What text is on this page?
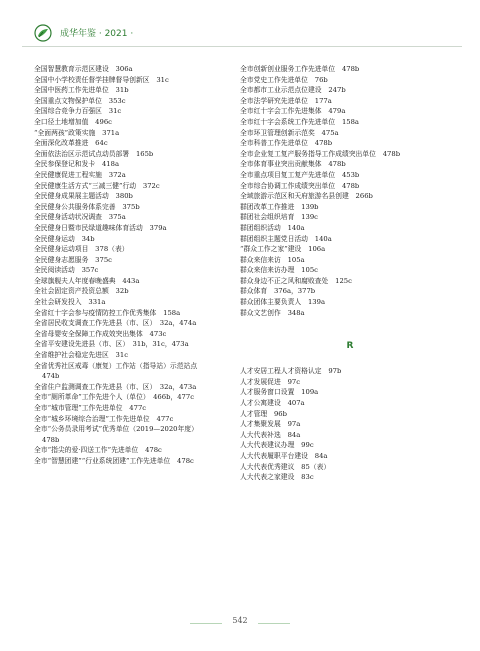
成华年鉴 · 2021 ·

全国智慧教育示范区建设　306a

全国中小学校责任督学挂牌督导创新区　31c

全国中医药工作先进单位　31b

全国重点文物保护单位　353c

全国综合竞争力百强区　31c

全口径土地增加值　496c

“全面两孩”政策实施　371a

全面深化改革推进　64c

全面依法治区示范试点动员部署　165b

全民参保登记和发卡　418a

全民健康促进工程实施　372a

全民健康生活方式“三减三健”行动　372c

全民健身成果展主题活动　380b

全民健身公共服务体系完善　375b

全民健身活动状况调查　375a

全民健身日暨市民绿道趣味体育活动　379a

全民健身运动　34b

全民健身运动项目　378（表）

全民健身志愿服务　375c

全民阅读活动　357c

全球旗舰夫人年度春晚盛典　443a

全社会固定资产投资总额　32b

全社会研发投入　331a

全省红十字会参与疫情防控工作优秀集体　158a

全省居民收支调查工作先进县（市、区）　32a，474a

全省母婴安全保障工作成效突出集体　473c

全省平安建设先进县（市、区）　31b，31c，473a

全省维护社会稳定先进区　31c

全省优秀社区戒毒（康复）工作站（指导站）示范站点

474b

全省住户监测调查工作先进县（市、区）　32a，473a

全市“厕所革命”工作先进个人（单位）　466b，477c

全市“城市管理”工作先进单位　477c

全市“城乡环境综合治理”工作先进单位　477c

全市“公务员录用考试”优秀单位（2019—2020年度）

478b

全市“指尖的爱·四送工作”先进单位　478c

全市“智慧团建”“行业系统团建”工作先进单位　478c

全市创新创业服务工作先进单位　478b

全市党史工作先进单位　76b

全市都市工业示范点位建设　247b

全市法学研究先进单位　177a

全市红十字会工作先进集体　479a

全市红十字会系统工作先进单位　158a

全市环卫管理创新示范奖　475a

全市科普工作先进单位　478b

全市企业复工复产服务指导工作成绩突出单位　478b

全市体育事业突出贡献集体　478b

全市重点项目复工复产先进单位　453b

全市综合协调工作成绩突出单位　478b

全域旅游示范区和天府旅游名县创建　266b

群团改革工作推进　139b

群团社会组织培育　139c

群团组织活动　140a

群团组织主题党日活动　140a

“群众工作之家”建设　106a

群众来信来访　105a

群众来信来访办理　105c

群众身边不正之风和腐败查处　125c

群众体育　376a，377b

群众团体主要负责人　139a

群众文艺创作　348a

R

人才安居工程人才资格认定　97b

人才发展促进　97c

人才服务窗口设置　109a

人才公寓建设　407a

人才管理　96b

人才集聚发展　97a

人大代表补选　84a

人大代表建议办理　99c

人大代表履职平台建设　84a

人大代表优秀建议　85（表）

人大代表之家建设　83c

542
